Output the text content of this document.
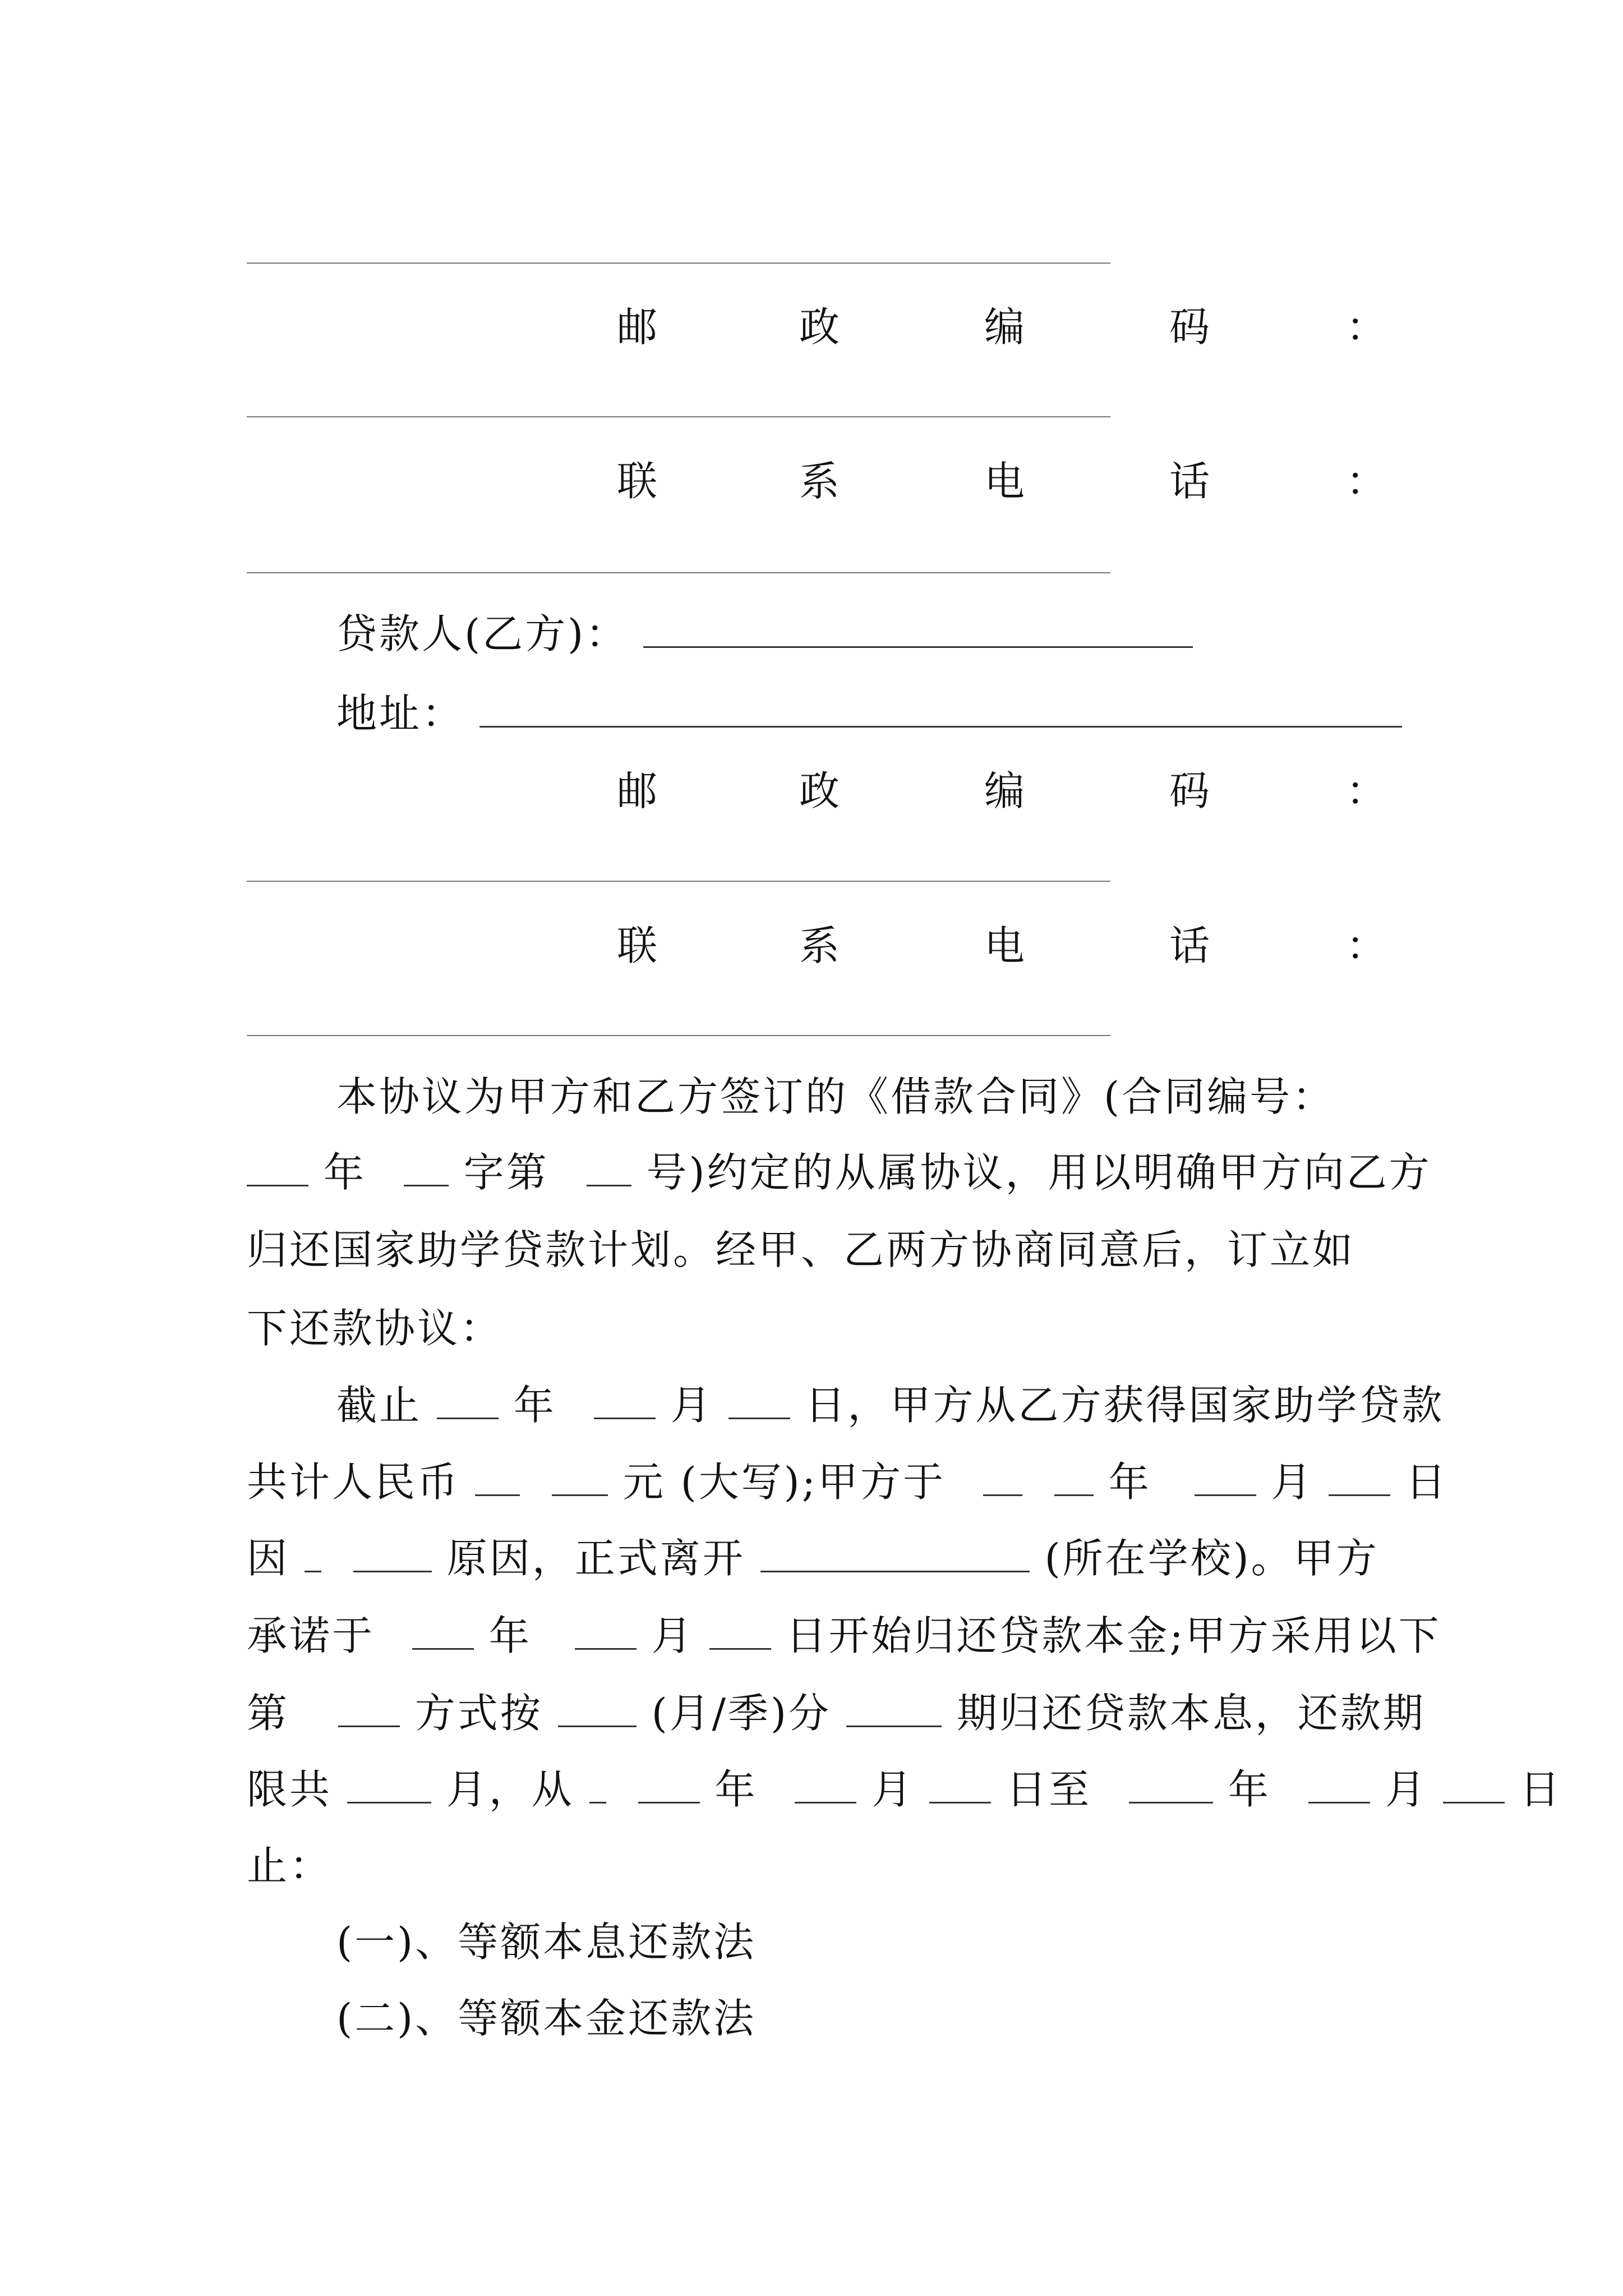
邮	政	编	码	：
联	系	电	话	：
贷款人(乙方)：
地址：
邮	政	编	码	：
联	系	电	话	：
本协议为甲方和乙方签订的《借款合同》(合同编号：
年 字第 号)约定的从属协议，用以明确甲方向乙方
归还国家助学贷款计划。经甲、乙两方协商同意后，订立如
下还款协议：
截止 年	月 日，甲方从乙方获得国家助学贷款
共计人民币	元 (大写);甲方于	年	月 日
因	原因，正式离开	(所在学校)。甲方
承诺于	年	月 日开始归还贷款本金;甲方采用以下
第	方式按	(月/季)分	期归还贷款本息，还款期
限共	月，从	年	月 日至	年	月 日
止：
(一)、等额本息还款法
(二)、等额本金还款法
